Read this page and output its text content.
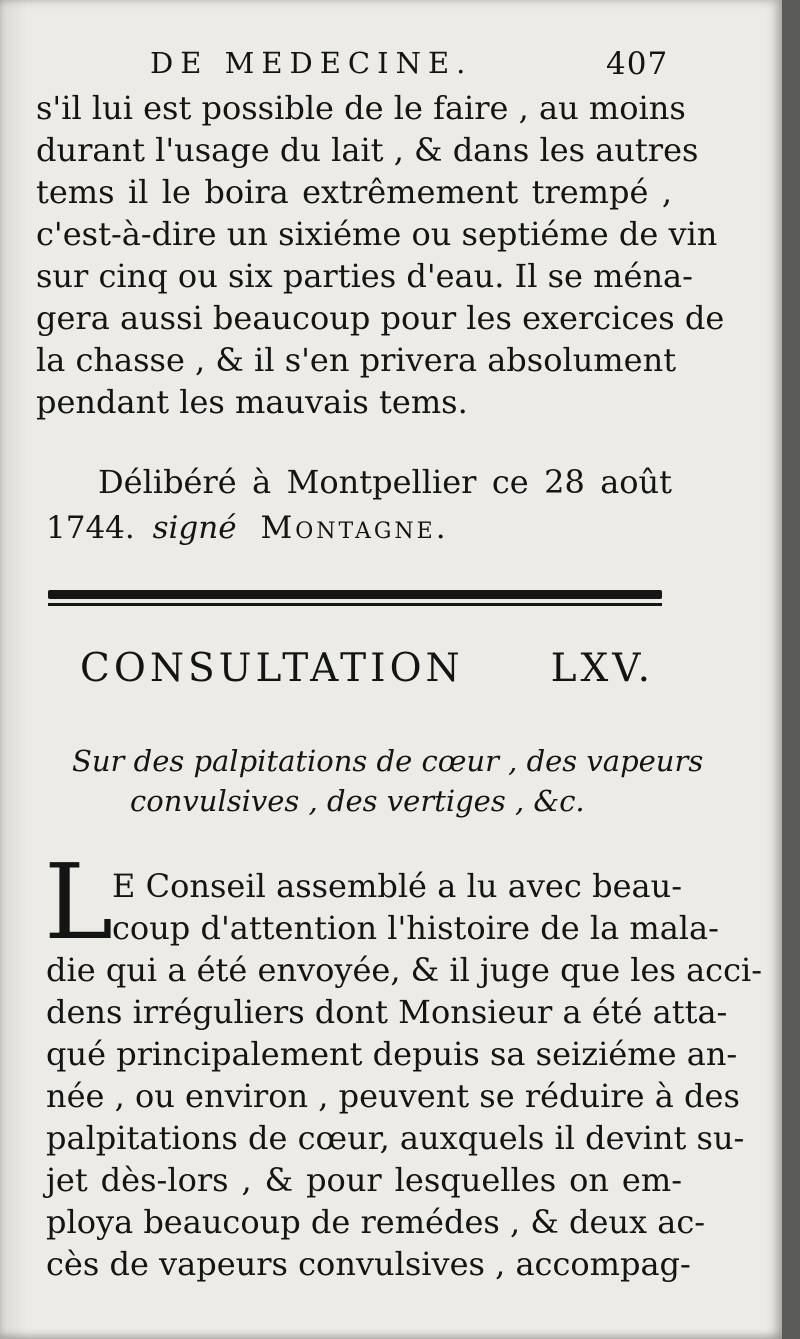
DE MEDECINE.	407
s'il lui est possible de le faire , au moins
durant l'usage du lait , & dans les autres
tems il le boira extrêmement trempé ,
c'est-à-dire un sixiéme ou septiéme de vin
sur cinq ou six parties d'eau. Il se ména-
gera aussi beaucoup pour les exercices de
la chasse , & il s'en privera absolument
pendant les mauvais tems.
Délibéré à Montpellier ce 28 août
1744. signé Montagne.
CONSULTATION LXV.
Sur des palpitations de cœur , des vapeurs
convulsives , des vertiges , &c.
L
E Conseil assemblé a lu avec beau-
coup d'attention l'histoire de la mala-
die qui a été envoyée, & il juge que les acci-
dens irréguliers dont Monsieur a été atta-
qué principalement depuis sa seiziéme an-
née , ou environ , peuvent se réduire à des
palpitations de cœur, auxquels il devint su-
jet dès-lors , & pour lesquelles on em-
ploya beaucoup de remédes , & deux ac-
cès de vapeurs convulsives , accompag-
